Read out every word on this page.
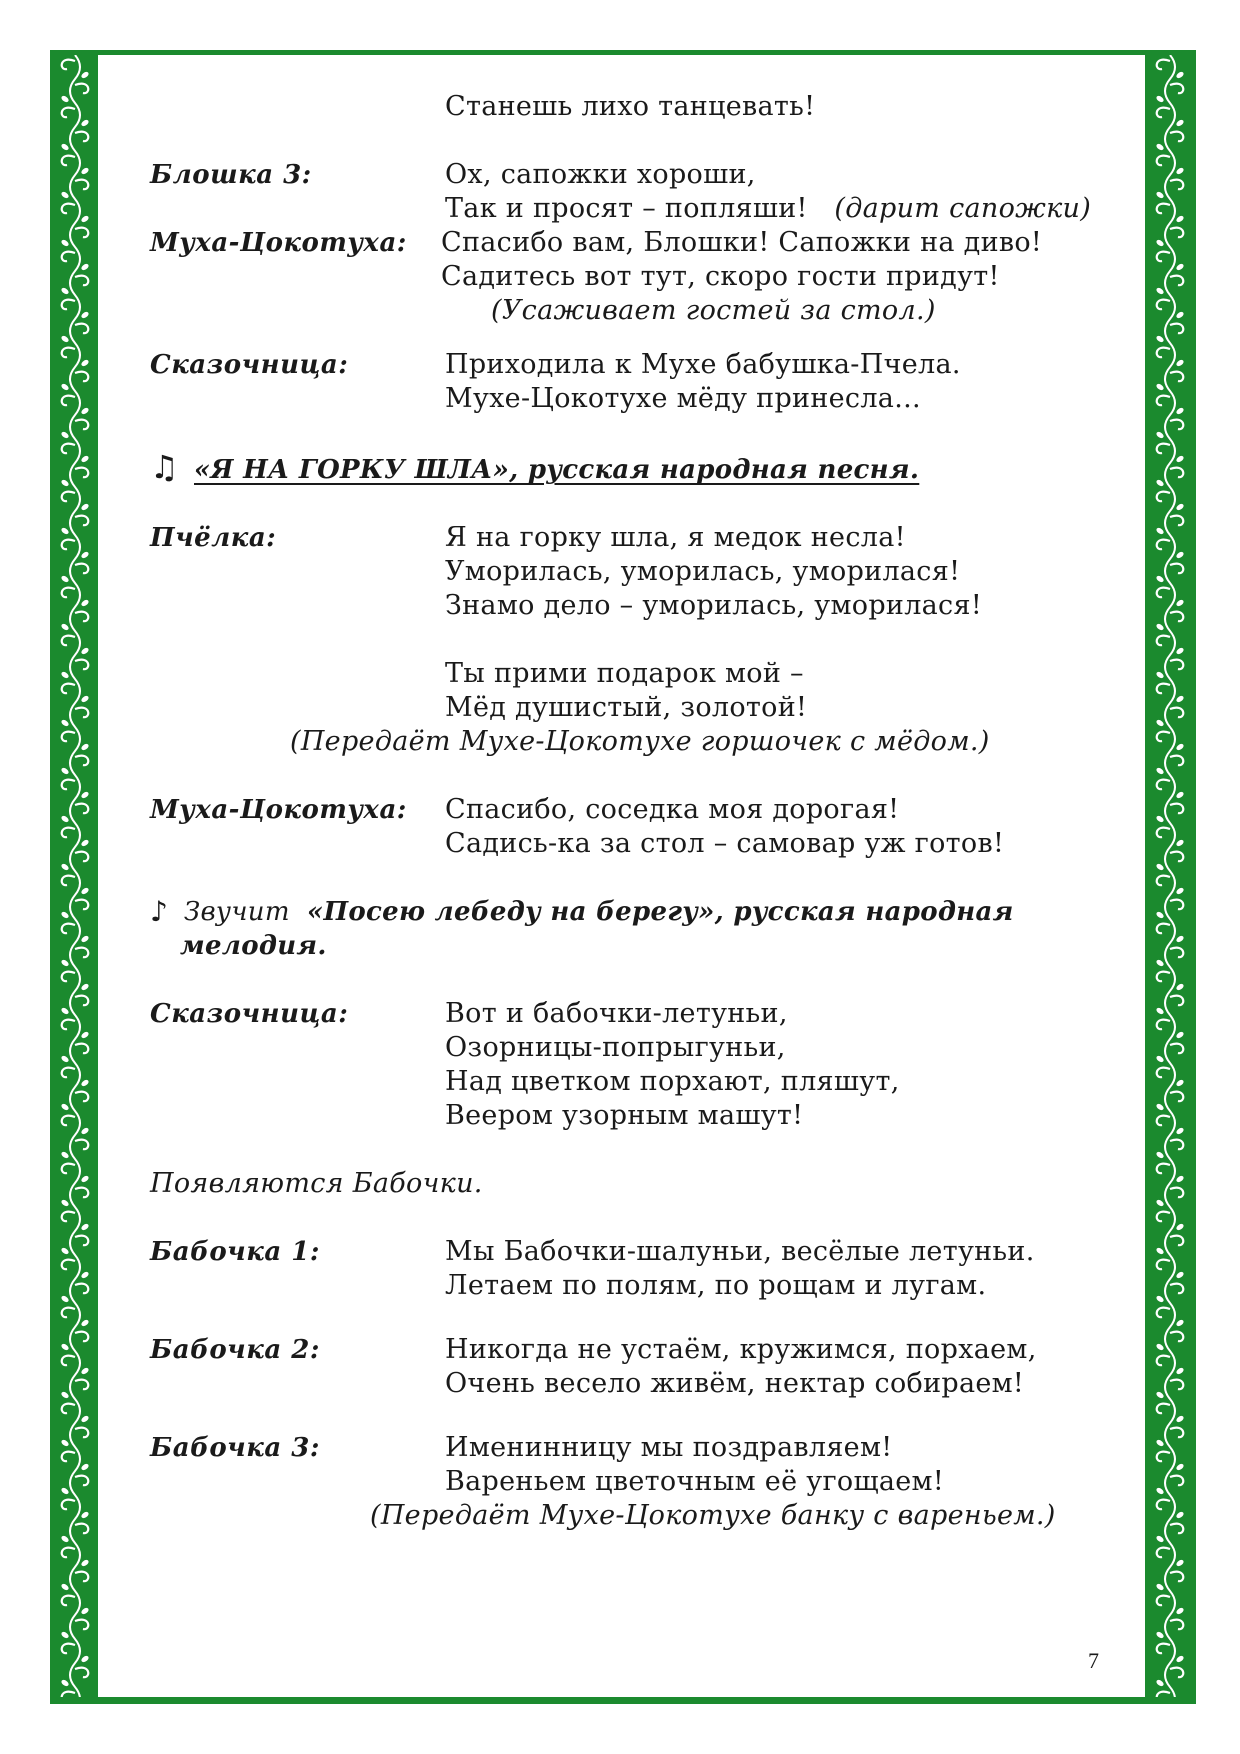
Станешь лихо танцевать!
Блошка 3:	Ох, сапожки хороши,
Так и просят – попляши! (дарит сапожки)
Муха-Цокотуха:	Спасибо вам, Блошки! Сапожки на диво!
Садитесь вот тут, скоро гости придут!
(Усаживает гостей за стол.)
Сказочница:	Приходила к Мухе бабушка-Пчела.
Мухе-Цокотухе мёду принесла...
♫ «Я НА ГОРКУ ШЛА», русская народная песня.
Пчёлка:	Я на горку шла, я медок несла!
Уморилась, уморилась, уморилася!
Знамо дело – уморилась, уморилася!

Ты прими подарок мой –
Мёд душистый, золотой!
(Передаёт Мухе-Цокотухе горшочек с мёдом.)
Муха-Цокотуха:	Спасибо, соседка моя дорогая!
Садись-ка за стол – самовар уж готов!
♪ Звучит «Посею лебеду на берегу», русская народная
мелодия.
Сказочница:	Вот и бабочки-летуньи,
Озорницы-попрыгуньи,
Над цветком порхают, пляшут,
Веером узорным машут!
Появляются Бабочки.
Бабочка 1:	Мы Бабочки-шалуньи, весёлые летуньи.
Летаем по полям, по рощам и лугам.
Бабочка 2:	Никогда не устаём, кружимся, порхаем,
Очень весело живём, нектар собираем!
Бабочка 3:	Именинницу мы поздравляем!
Вареньем цветочным её угощаем!
(Передаёт Мухе-Цокотухе банку с вареньем.)
7
